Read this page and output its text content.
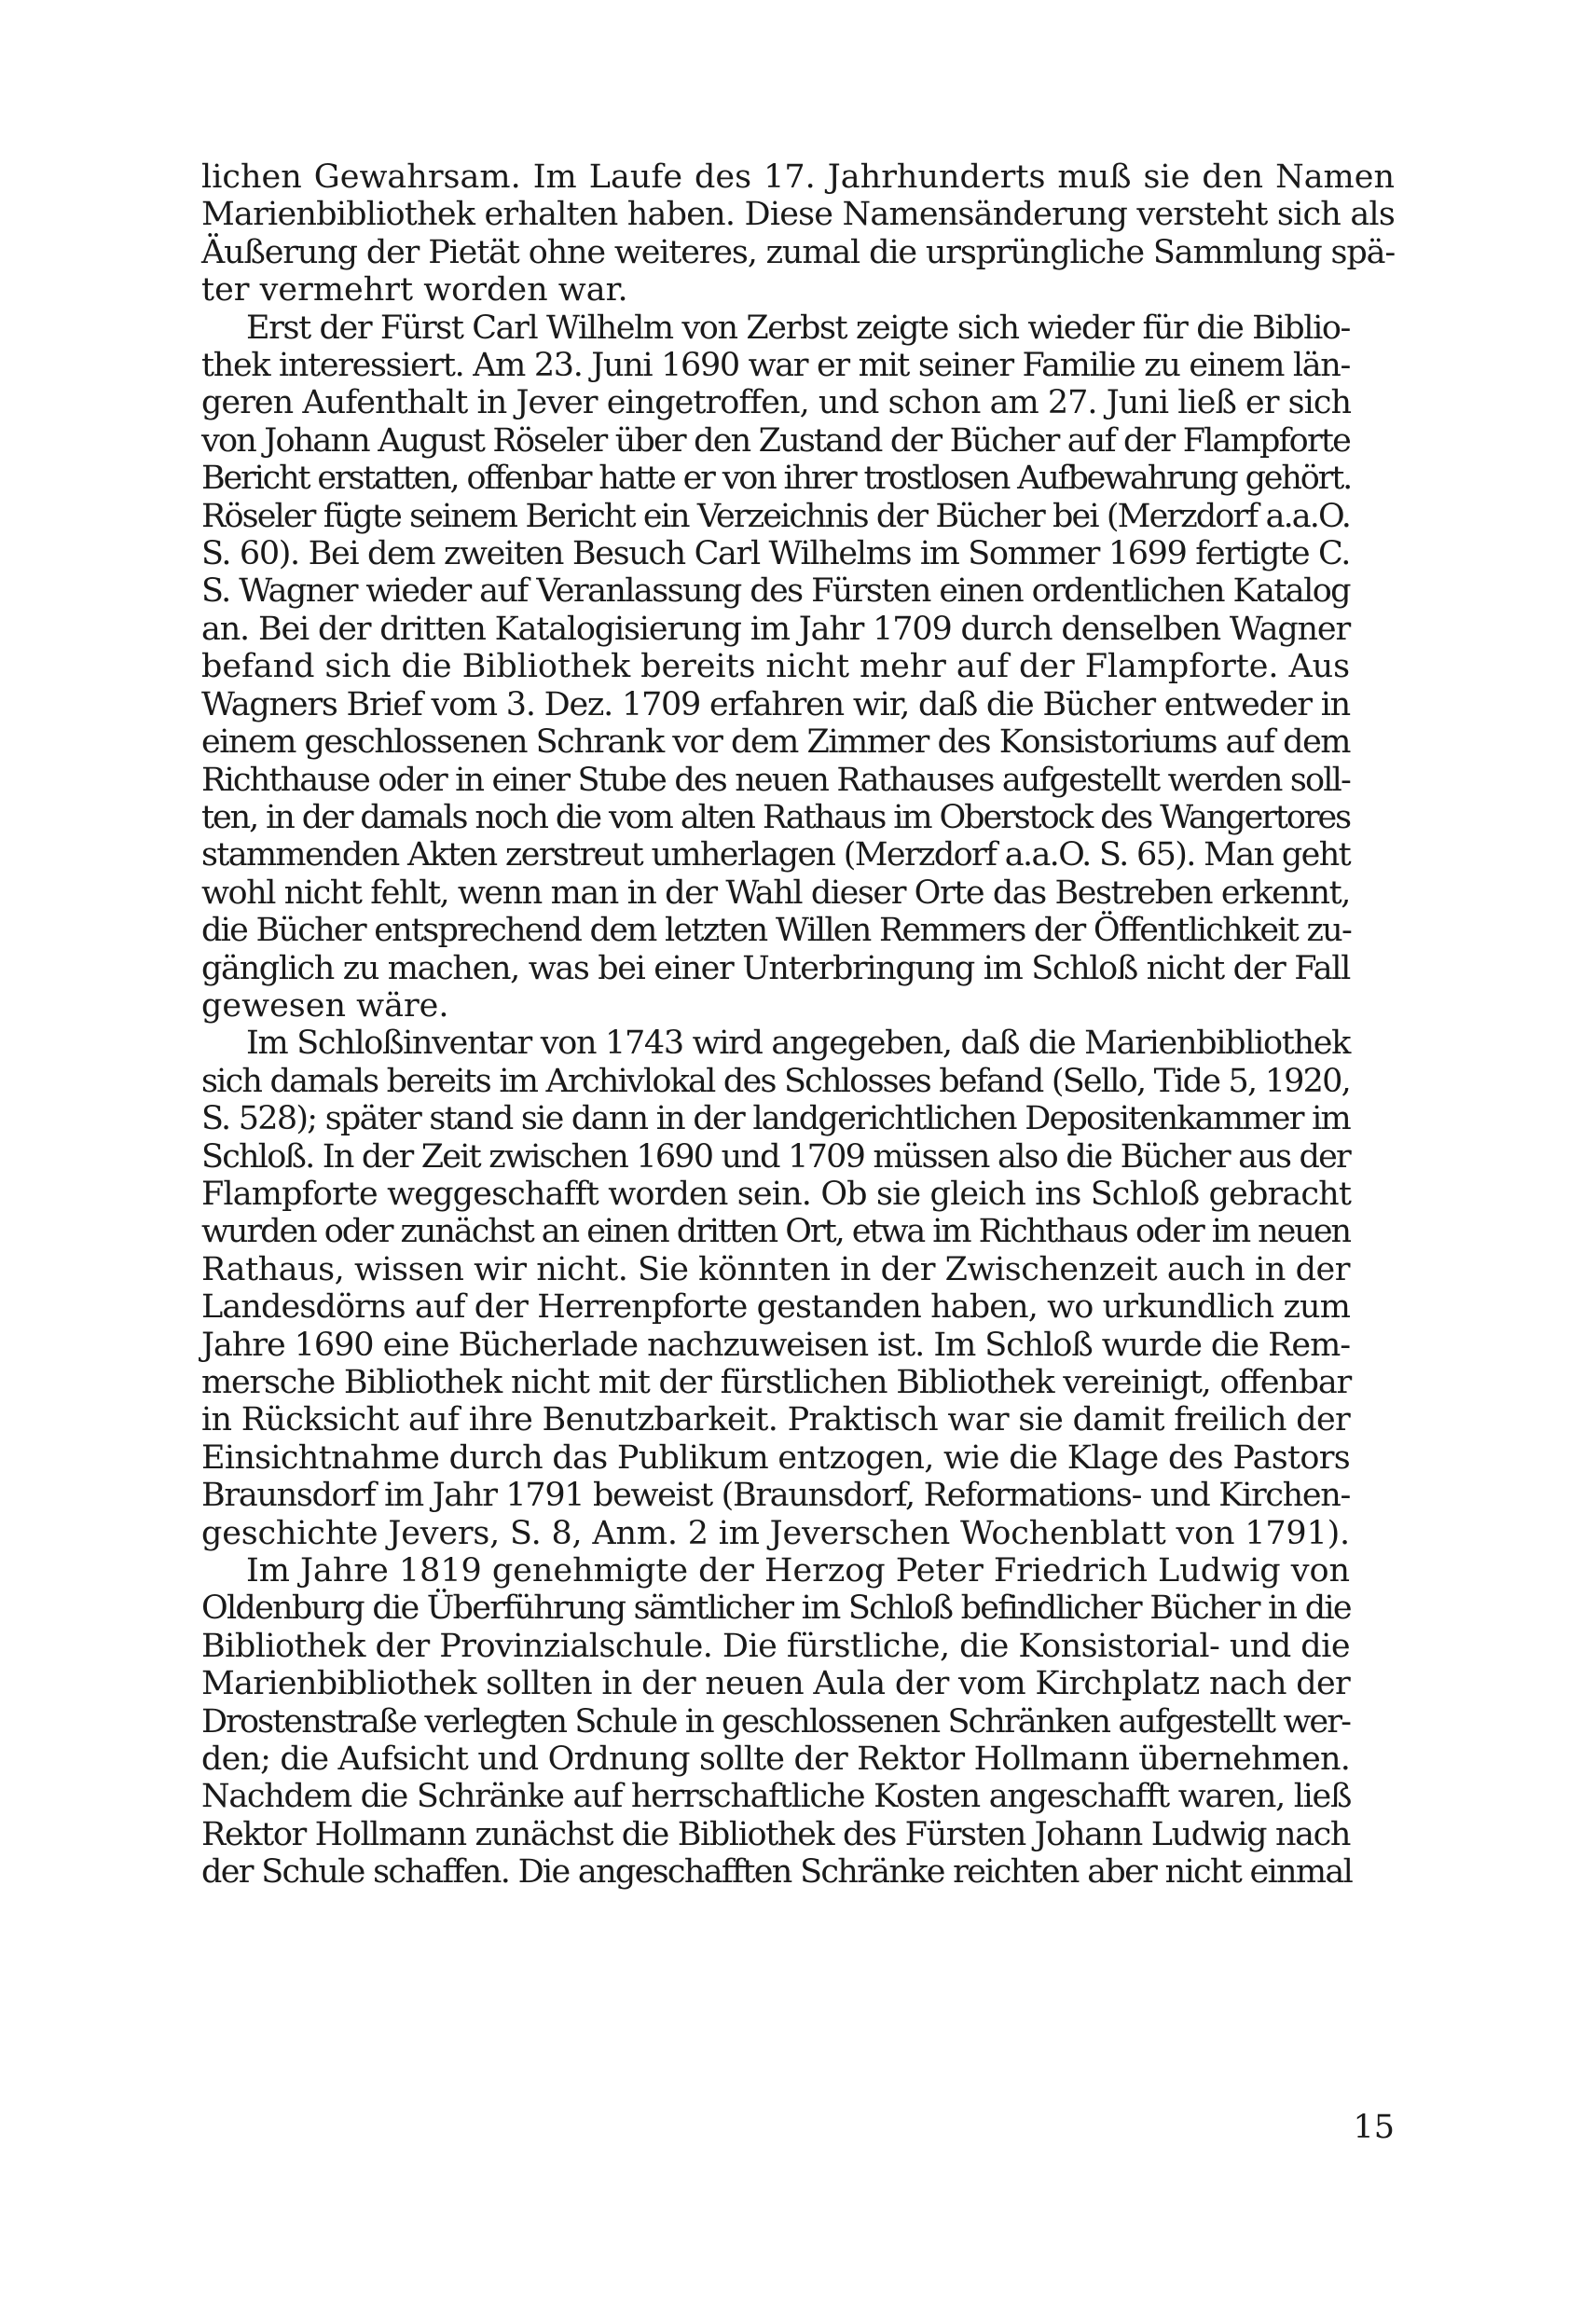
lichen Gewahrsam. Im Laufe des 17. Jahrhunderts muß sie den Namen
Marienbibliothek erhalten haben. Diese Namensänderung versteht sich als
Äußerung der Pietät ohne weiteres, zumal die ursprüngliche Sammlung spä-
ter vermehrt worden war.

Erst der Fürst Carl Wilhelm von Zerbst zeigte sich wieder für die Biblio-
thek interessiert. Am 23. Juni 1690 war er mit seiner Familie zu einem län-
geren Aufenthalt in Jever eingetroffen, und schon am 27. Juni ließ er sich
von Johann August Röseler über den Zustand der Bücher auf der Flampforte
Bericht erstatten, offenbar hatte er von ihrer trostlosen Aufbewahrung gehört.
Röseler fügte seinem Bericht ein Verzeichnis der Bücher bei (Merzdorf a.a.O.
S. 60). Bei dem zweiten Besuch Carl Wilhelms im Sommer 1699 fertigte C.
S. Wagner wieder auf Veranlassung des Fürsten einen ordentlichen Katalog
an. Bei der dritten Katalogisierung im Jahr 1709 durch denselben Wagner
befand sich die Bibliothek bereits nicht mehr auf der Flampforte. Aus
Wagners Brief vom 3. Dez. 1709 erfahren wir, daß die Bücher entweder in
einem geschlossenen Schrank vor dem Zimmer des Konsistoriums auf dem
Richthause oder in einer Stube des neuen Rathauses aufgestellt werden soll-
ten, in der damals noch die vom alten Rathaus im Oberstock des Wangertores
stammenden Akten zerstreut umherlagen (Merzdorf a.a.O. S. 65). Man geht
wohl nicht fehlt, wenn man in der Wahl dieser Orte das Bestreben erkennt,
die Bücher entsprechend dem letzten Willen Remmers der Öffentlichkeit zu-
gänglich zu machen, was bei einer Unterbringung im Schloß nicht der Fall
gewesen wäre.

Im Schloßinventar von 1743 wird angegeben, daß die Marienbibliothek
sich damals bereits im Archivlokal des Schlosses befand (Sello, Tide 5, 1920,
S. 528); später stand sie dann in der landgerichtlichen Depositenkammer im
Schloß. In der Zeit zwischen 1690 und 1709 müssen also die Bücher aus der
Flampforte weggeschafft worden sein. Ob sie gleich ins Schloß gebracht
wurden oder zunächst an einen dritten Ort, etwa im Richthaus oder im neuen
Rathaus, wissen wir nicht. Sie könnten in der Zwischenzeit auch in der
Landesdörns auf der Herrenpforte gestanden haben, wo urkundlich zum
Jahre 1690 eine Bücherlade nachzuweisen ist. Im Schloß wurde die Rem-
mersche Bibliothek nicht mit der fürstlichen Bibliothek vereinigt, offenbar
in Rücksicht auf ihre Benutzbarkeit. Praktisch war sie damit freilich der
Einsichtnahme durch das Publikum entzogen, wie die Klage des Pastors
Braunsdorf im Jahr 1791 beweist (Braunsdorf, Reformations- und Kirchen-
geschichte Jevers, S. 8, Anm. 2 im Jeverschen Wochenblatt von 1791).

Im Jahre 1819 genehmigte der Herzog Peter Friedrich Ludwig von
Oldenburg die Überführung sämtlicher im Schloß befindlicher Bücher in die
Bibliothek der Provinzialschule. Die fürstliche, die Konsistorial- und die
Marienbibliothek sollten in der neuen Aula der vom Kirchplatz nach der
Drostenstraße verlegten Schule in geschlossenen Schränken aufgestellt wer-
den; die Aufsicht und Ordnung sollte der Rektor Hollmann übernehmen.
Nachdem die Schränke auf herrschaftliche Kosten angeschafft waren, ließ
Rektor Hollmann zunächst die Bibliothek des Fürsten Johann Ludwig nach
der Schule schaffen. Die angeschafften Schränke reichten aber nicht einmal

15
